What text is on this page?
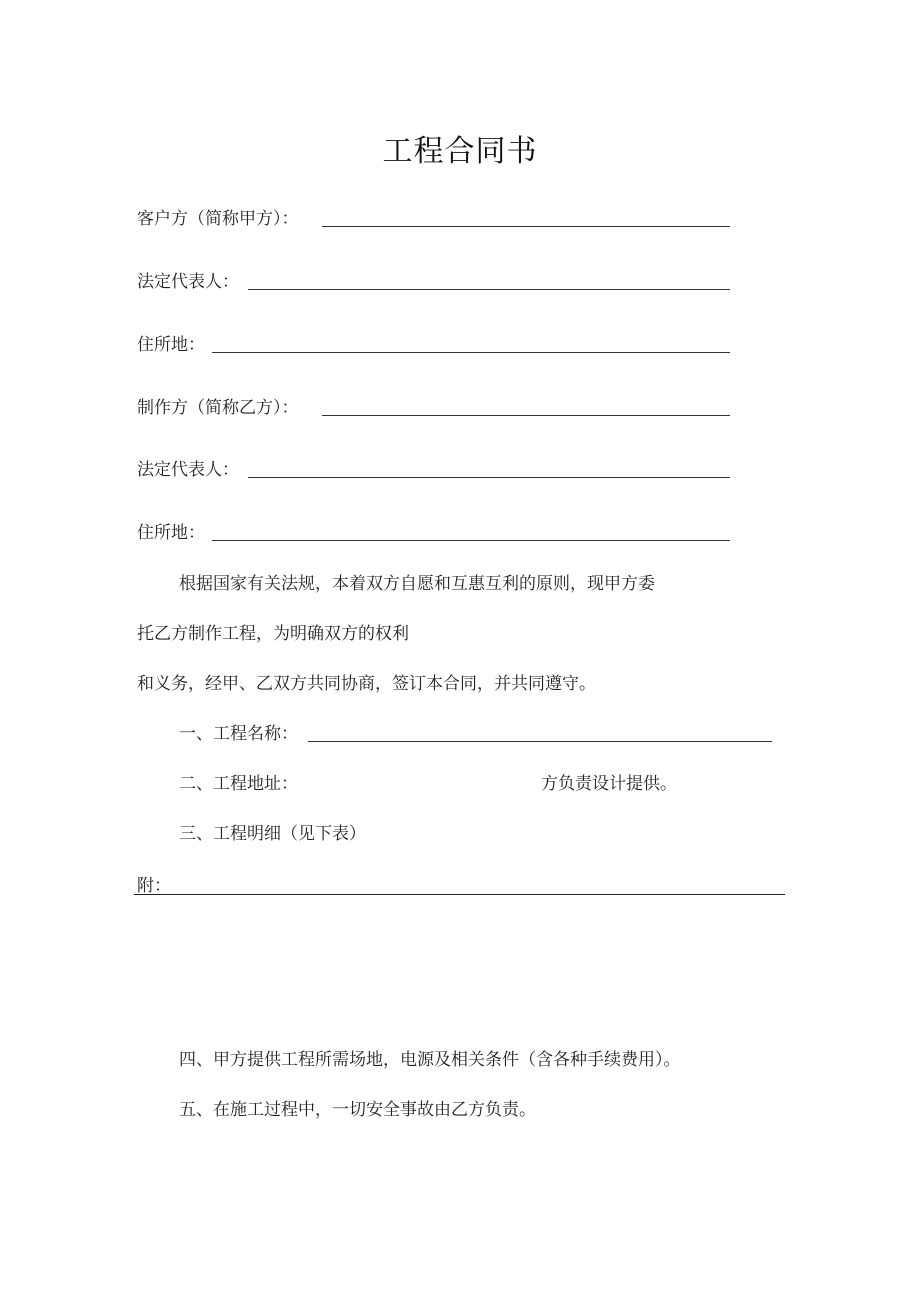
工程合同书
客户方（简称甲方）：
法定代表人：
住所地：
制作方（简称乙方）：
法定代表人：
住所地：
根据国家有关法规，本着双方自愿和互惠互利的原则，现甲方委
托乙方制作工程，为明确双方的权利
和义务，经甲、乙双方共同协商，签订本合同，并共同遵守。
一、工程名称：
二、工程地址：	方负责设计提供。
三、工程明细（见下表）
附：
四、甲方提供工程所需场地，电源及相关条件（含各种手续费用）。
五、在施工过程中，一切安全事故由乙方负责。
